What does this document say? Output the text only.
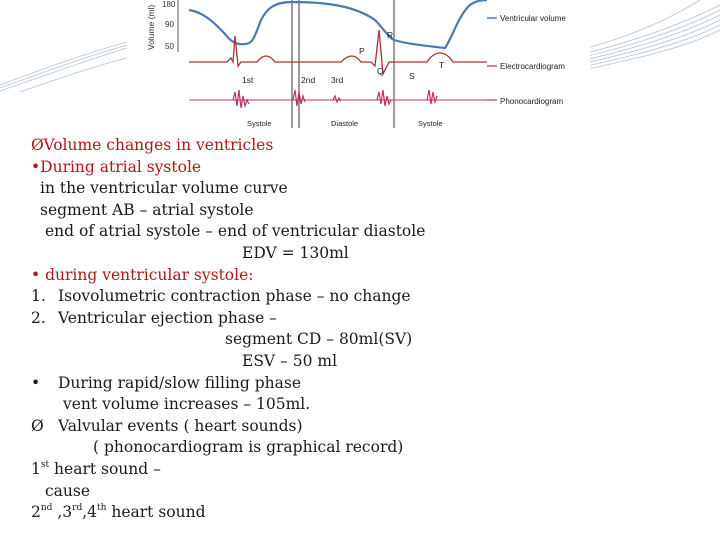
Volume (ml)
180
90
50	P
R
Q	S
T
1st	2nd 3rd
Systole	Diastole	Systole
Ventricular volume
Electrocardiogram
Phonocardiogram
ØVolume changes in ventricles
•During atrial systole
in the ventricular volume curve
segment AB – atrial systole
end of atrial systole – end of ventricular diastole
EDV = 130ml
• during ventricular systole:
1. Isovolumetric contraction phase – no change
2. Ventricular ejection phase –
segment CD – 80ml(SV)
ESV – 50 ml
• During rapid/slow filling phase
vent volume increases – 105ml.
Ø Valvular events ( heart sounds)
( phonocardiogram is graphical record)
1st heart sound –
cause
2nd ,3rd,4th heart sound
